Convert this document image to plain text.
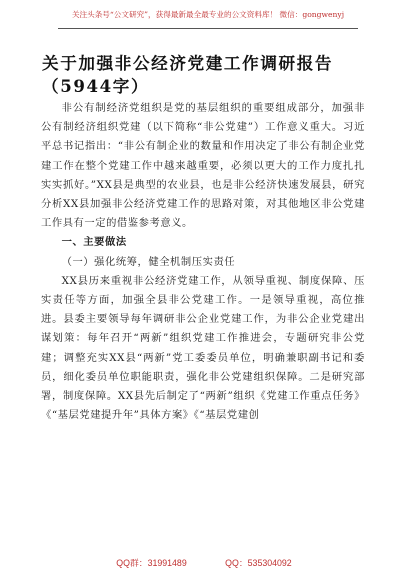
关注头条号“公文研究”，获得最新最全最专业的公文资料库！ 微信：gongwenyj
关于加强非公经济党建工作调研报告
（5944字）

非公有制经济党组织是党的基层组织的重要组成部分，加强非公有制经济组织党建（以下简称“非公党建”）工作意义重大。习近平总书记指出：“非公有制企业的数量和作用决定了非公有制企业党建工作在整个党建工作中越来越重要，必须以更大的工作力度扎扎实实抓好。”XX县是典型的农业县，也是非公经济快速发展县，研究分析XX县加强非公经济党建工作的思路对策，对其他地区非公党建工作具有一定的借鉴参考意义。

一、主要做法

（一）强化统筹，健全机制压实责任

XX县历来重视非公经济党建工作，从领导重视、制度保障、压实责任等方面，加强全县非公党建工作。一是领导重视，高位推进。县委主要领导每年调研非公企业党建工作，为非公企业党建出谋划策：每年召开“两新”组织党建工作推进会，专题研究非公党建；调整充实XX县“两新”党工委委员单位，明确兼职副书记和委员，细化委员单位职能职责，强化非公党建组织保障。二是研究部署，制度保障。XX县先后制定了“两新”组织《党建工作重点任务》《“基层党建提升年”具体方案》《“基层党建创

QQ群：31991489	QQ：535304092
